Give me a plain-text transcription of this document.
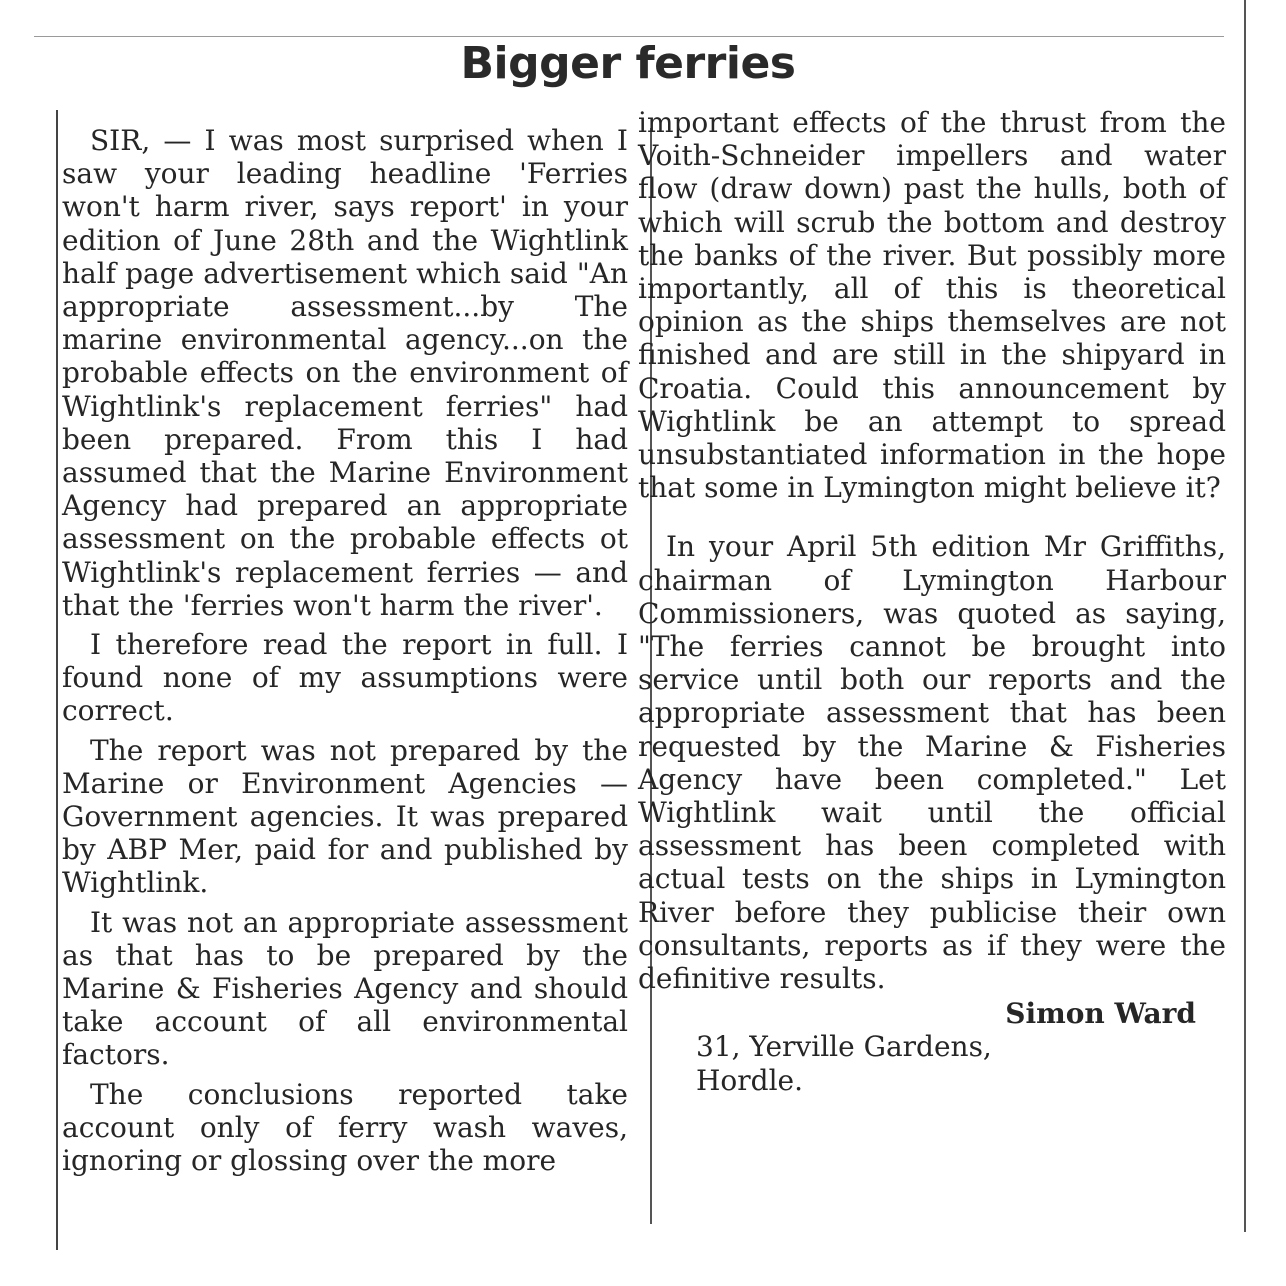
Bigger ferries

SIR, — I was most surprised when I saw your leading headline 'Ferries won't harm river, says report' in your edition of June 28th and the Wightlink half page advertisement which said "An appropriate assessment...by The marine environmental agency...on the probable effects on the environment of Wightlink's replacement ferries" had been prepared. From this I had assumed that the Marine Environment Agency had prepared an appropriate assessment on the probable effects ot Wightlink's replacement ferries — and that the 'ferries won't harm the river'.

I therefore read the report in full. I found none of my assumptions were correct.

The report was not prepared by the Marine or Environment Agencies — Government agencies. It was prepared by ABP Mer, paid for and published by Wightlink.

It was not an appropriate assessment as that has to be prepared by the Marine & Fisheries Agency and should take account of all environmental factors.

The conclusions reported take account only of ferry wash waves, ignoring or glossing over the more

important effects of the thrust from the Voith-Schneider impellers and water flow (draw down) past the hulls, both of which will scrub the bottom and destroy the banks of the river. But possibly more importantly, all of this is theoretical opinion as the ships themselves are not finished and are still in the shipyard in Croatia. Could this announcement by Wightlink be an attempt to spread unsubstantiated information in the hope that some in Lymington might believe it?

In your April 5th edition Mr Griffiths, chairman of Lymington Harbour Commissioners, was quoted as saying, "The ferries cannot be brought into service until both our reports and the appropriate assessment that has been requested by the Marine & Fisheries Agency have been completed." Let Wightlink wait until the official assessment has been completed with actual tests on the ships in Lymington River before they publicise their own consultants, reports as if they were the definitive results.

Simon Ward

31, Yerville Gardens,

Hordle.
